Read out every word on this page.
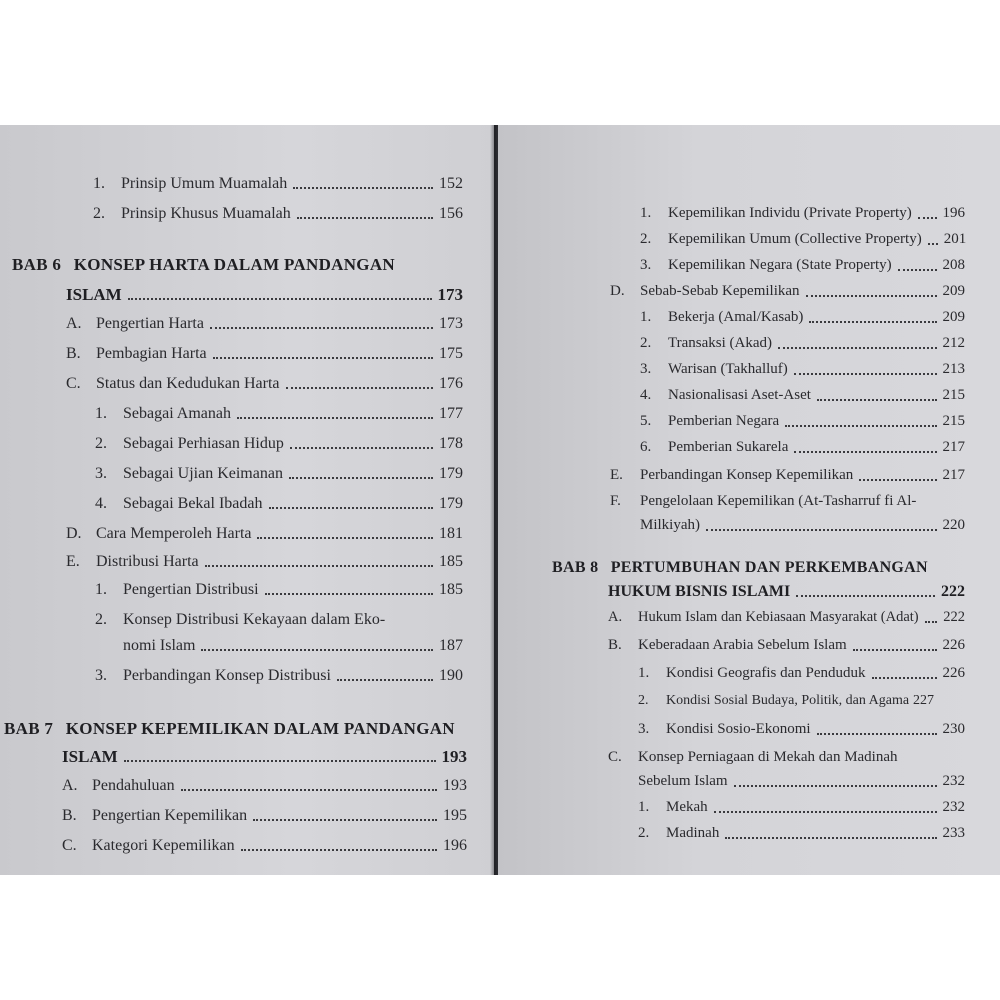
1.	Prinsip Umum Muamalah	152
2.	Prinsip Khusus Muamalah	156
BAB 6 KONSEP HARTA DALAM PANDANGAN
ISLAM	173
A. Pengertian Harta	173
B. Pembagian Harta	175
C. Status dan Kedudukan Harta	176
1.	Sebagai Amanah	177
2.	Sebagai Perhiasan Hidup	178
3.	Sebagai Ujian Keimanan	179
4.	Sebagai Bekal Ibadah	179
D. Cara Memperoleh Harta	181
E.	Distribusi Harta	185
1.	Pengertian Distribusi	185
2.	Konsep Distribusi Kekayaan dalam Eko-
nomi Islam	187
3.	Perbandingan Konsep Distribusi	190
BAB 7 KONSEP KEPEMILIKAN DALAM PANDANGAN
ISLAM	193
A. Pendahuluan	193
B. Pengertian Kepemilikan	195
C. Kategori Kepemilikan	196
1.	Kepemilikan Individu (Private Property) 196
2.	Kepemilikan Umum (Collective Property) 201
3.	Kepemilikan Negara (State Property)	208
D.	Sebab-Sebab Kepemilikan	209
1.	Bekerja (Amal/Kasab)	209
2.	Transaksi (Akad)	212
3.	Warisan (Takhalluf)	213
4.	Nasionalisasi Aset-Aset	215
5.	Pemberian Negara	215
6.	Pemberian Sukarela	217
E.	Perbandingan Konsep Kepemilikan	217
F.	Pengelolaan Kepemilikan (At-Tasharruf fi Al-
Milkiyah)	220
BAB 8 PERTUMBUHAN DAN PERKEMBANGAN
HUKUM BISNIS ISLAMI	222
A.	Hukum Islam dan Kebiasaan Masyarakat (Adat) 222
B.	Keberadaan Arabia Sebelum Islam	226
1.	Kondisi Geografis dan Penduduk	226
2.	Kondisi Sosial Budaya, Politik, dan Agama 227
3.	Kondisi Sosio-Ekonomi	230
C.	Konsep Perniagaan di Mekah dan Madinah
Sebelum Islam	232
1.	Mekah	232
2.	Madinah	233
